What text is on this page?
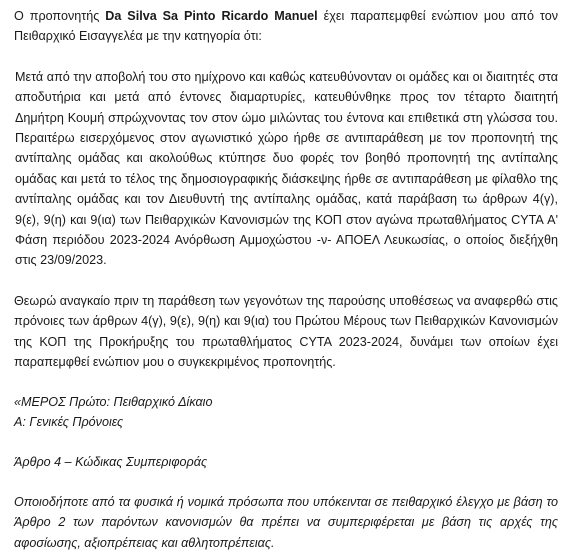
Ο προπονητής Da Silva Sa Pinto Ricardo Manuel έχει παραπεμφθεί ενώπιον μου από τον Πειθαρχικό Εισαγγελέα με την κατηγορία ότι:

Μετά από την αποβολή του στο ημίχρονο και καθώς κατευθύνονταν οι ομάδες και οι διαιτητές στα αποδυτήρια και μετά από έντονες διαμαρτυρίες, κατευθύνθηκε προς τον τέταρτο διαιτητή Δημήτρη Κουμή σπρώχνοντας τον στον ώμο μιλώντας του έντονα και επιθετικά στη γλώσσα του. Περαιτέρω εισερχόμενος στον αγωνιστικό χώρο ήρθε σε αντιπαράθεση με τον προπονητή της αντίπαλης ομάδας και ακολούθως κτύπησε δυο φορές τον βοηθό προπονητή της αντίπαλης ομάδας και μετά το τέλος της δημοσιογραφικής διάσκεψης ήρθε σε αντιπαράθεση με φίλαθλο της αντίπαλης ομάδας και τον Διευθυντή της αντίπαλης ομάδας, κατά παράβαση τω άρθρων 4(γ), 9(ε), 9(η) και 9(ια) των Πειθαρχικών Κανονισμών της ΚΟΠ στον αγώνα πρωταθλήματος CYTA Α' Φάση περιόδου 2023-2024 Ανόρθωση Αμμοχώστου -ν- ΑΠΟΕΛ Λευκωσίας, ο οποίος διεξήχθη στις 23/09/2023.

Θεωρώ αναγκαίο πριν τη παράθεση των γεγονότων της παρούσης υποθέσεως να αναφερθώ στις πρόνοιες των άρθρων 4(γ), 9(ε), 9(η) και 9(ια) του Πρώτου Μέρους των Πειθαρχικών Κανονισμών της ΚΟΠ της Προκήρυξης του πρωταθλήματος CYTA 2023-2024, δυνάμει των οποίων έχει παραπεμφθεί ενώπιον μου ο συγκεκριμένος προπονητής.

«ΜΕΡΟΣ Πρώτο: Πειθαρχικό Δίκαιο
Α: Γενικές Πρόνοιες

Άρθρο 4 – Κώδικας Συμπεριφοράς

Οποιοδήποτε από τα φυσικά ή νομικά πρόσωπα που υπόκεινται σε πειθαρχικό έλεγχο με βάση το Άρθρο 2 των παρόντων κανονισμών θα πρέπει να συμπεριφέρεται με βάση τις αρχές της αφοσίωσης, αξιοπρέπειας και αθλητοπρέπειας.
